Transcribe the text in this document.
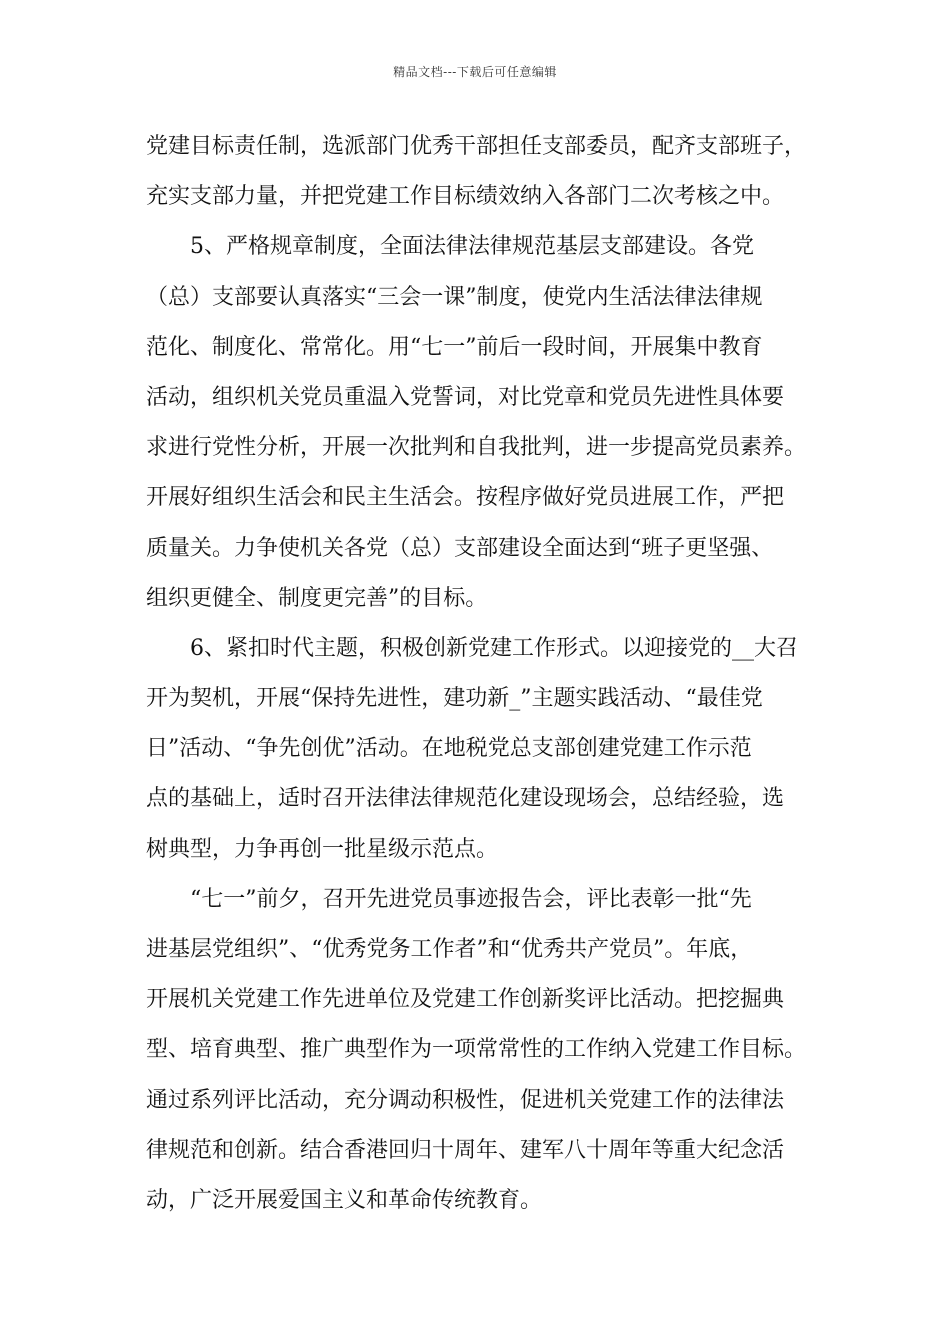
精品文档---下载后可任意编辑
党建目标责任制，选派部门优秀干部担任支部委员，配齐支部班子，
充实支部力量，并把党建工作目标绩效纳入各部门二次考核之中。
5、严格规章制度，全面法律法律规范基层支部建设。各党
（总）支部要认真落实“三会一课”制度，使党内生活法律法律规
范化、制度化、常常化。用“七一”前后一段时间，开展集中教育
活动，组织机关党员重温入党誓词，对比党章和党员先进性具体要
求进行党性分析，开展一次批判和自我批判，进一步提高党员素养。
开展好组织生活会和民主生活会。按程序做好党员进展工作，严把
质量关。力争使机关各党（总）支部建设全面达到“班子更坚强、
组织更健全、制度更完善”的目标。
6、紧扣时代主题，积极创新党建工作形式。以迎接党的__大召
开为契机，开展“保持先进性，建功新_”主题实践活动、“最佳党
日”活动、“争先创优”活动。在地税党总支部创建党建工作示范
点的基础上，适时召开法律法律规范化建设现场会，总结经验，选
树典型，力争再创一批星级示范点。
“七一”前夕，召开先进党员事迹报告会，评比表彰一批“先
进基层党组织”、“优秀党务工作者”和“优秀共产党员”。年底，
开展机关党建工作先进单位及党建工作创新奖评比活动。把挖掘典
型、培育典型、推广典型作为一项常常性的工作纳入党建工作目标。
通过系列评比活动，充分调动积极性，促进机关党建工作的法律法
律规范和创新。结合香港回归十周年、建军八十周年等重大纪念活
动，广泛开展爱国主义和革命传统教育。
